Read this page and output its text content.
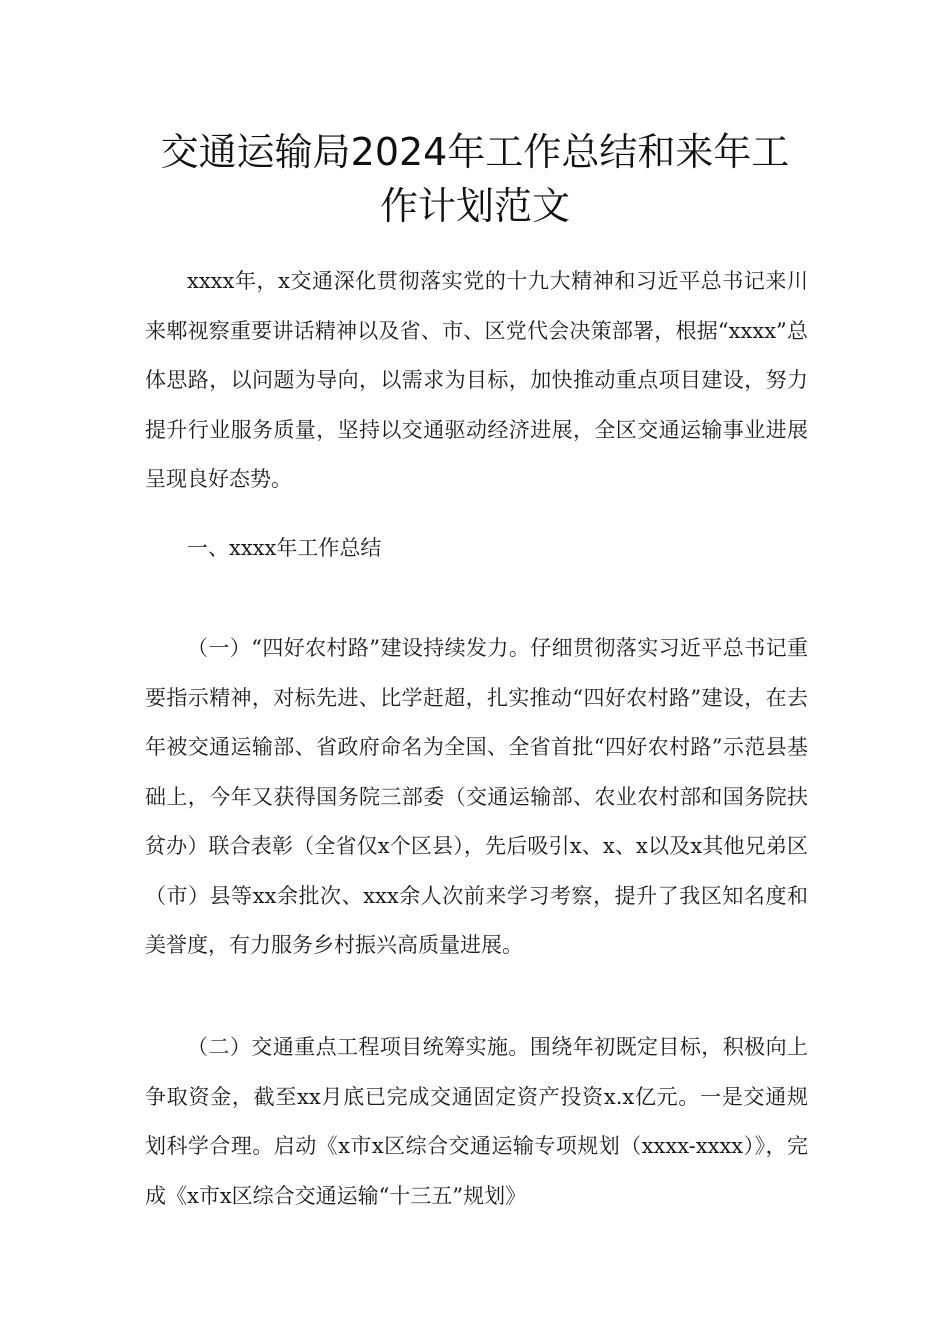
交通运输局2024年工作总结和来年工
作计划范文

xxxx年，x交通深化贯彻落实党的十九大精神和习近平总书记来川来郫视察重要讲话精神以及省、市、区党代会决策部署，根据“xxxx”总体思路，以问题为导向，以需求为目标，加快推动重点项目建设，努力提升行业服务质量，坚持以交通驱动经济进展，全区交通运输事业进展呈现良好态势。

一、xxxx年工作总结

（一）“四好农村路”建设持续发力。仔细贯彻落实习近平总书记重要指示精神，对标先进、比学赶超，扎实推动“四好农村路”建设，在去年被交通运输部、省政府命名为全国、全省首批“四好农村路”示范县基础上，今年又获得国务院三部委（交通运输部、农业农村部和国务院扶贫办）联合表彰（全省仅x个区县），先后吸引x、x、x以及x其他兄弟区（市）县等xx余批次、xxx余人次前来学习考察，提升了我区知名度和美誉度，有力服务乡村振兴高质量进展。

（二）交通重点工程项目统筹实施。围绕年初既定目标，积极向上争取资金，截至xx月底已完成交通固定资产投资x.x亿元。一是交通规划科学合理。启动《x市x区综合交通运输专项规划（xxxx-xxxx）》，完成《x市x区综合交通运输“十三五”规划》
